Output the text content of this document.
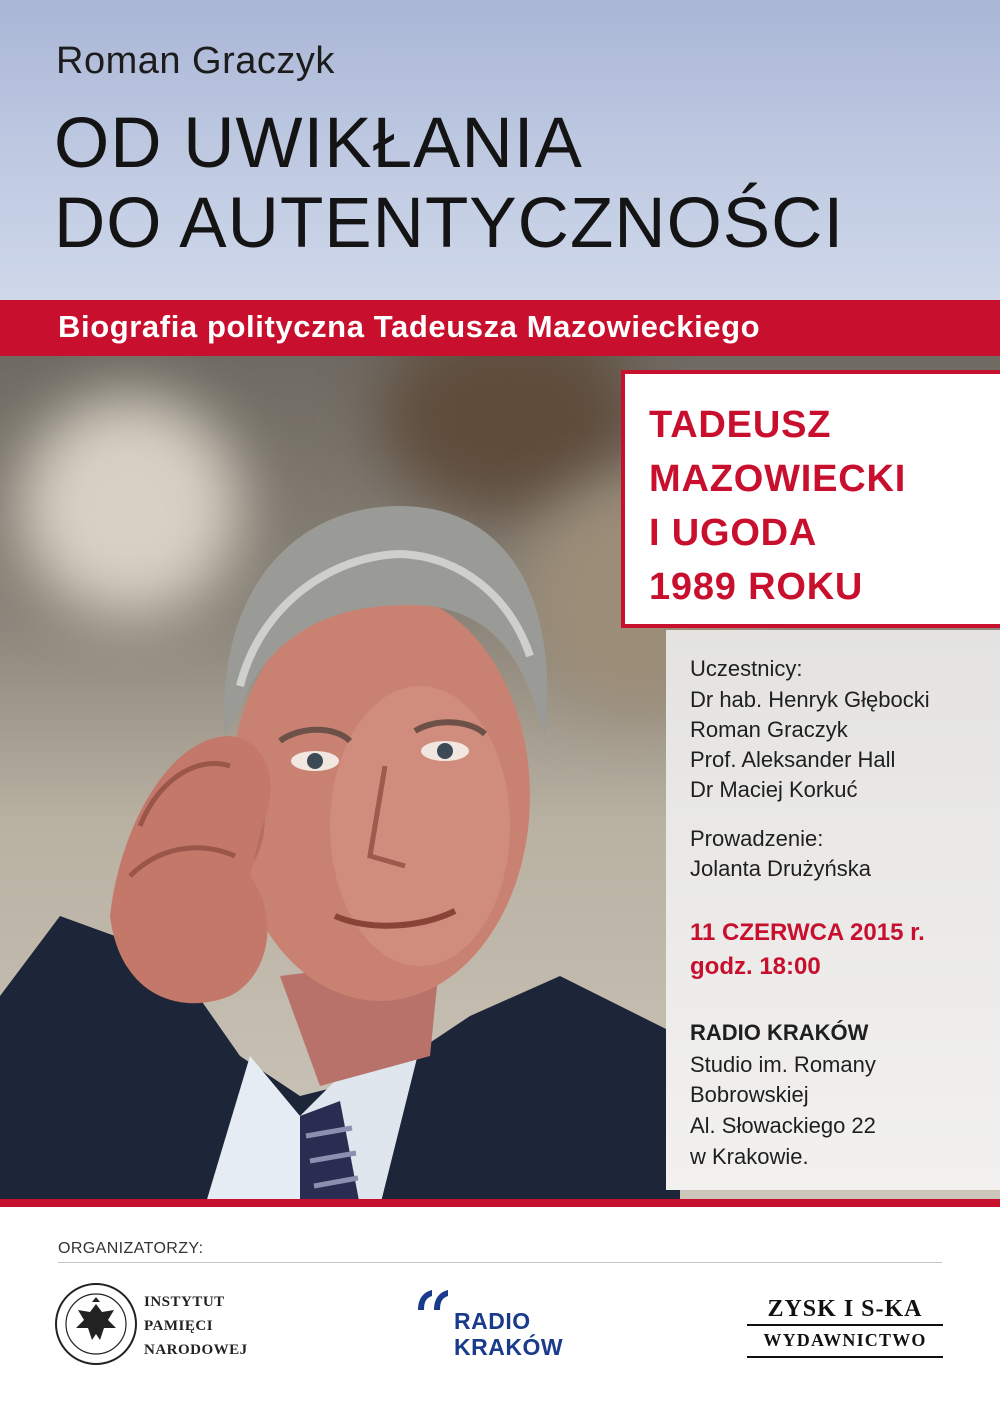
Roman Graczyk
OD UWIKŁANIA
DO AUTENTYCZNOŚCI
Biografia polityczna Tadeusza Mazowieckiego
TADEUSZ
MAZOWIECKI
I UGODA
1989 ROKU
Uczestnicy:
Dr hab. Henryk Głębocki
Roman Graczyk
Prof. Aleksander Hall
Dr Maciej Korkuć
Prowadzenie:
Jolanta Drużyńska
11 CZERWCA 2015 r.
godz. 18:00
RADIO KRAKÓW
Studio im. Romany
Bobrowskiej
Al. Słowackiego 22
w Krakowie.
ORGANIZATORZY:
INSTYTUT
PAMIĘCI
NARODOWEJ
RADIO
KRAKÓW
ZYSK I S-KA
WYDAWNICTWO
